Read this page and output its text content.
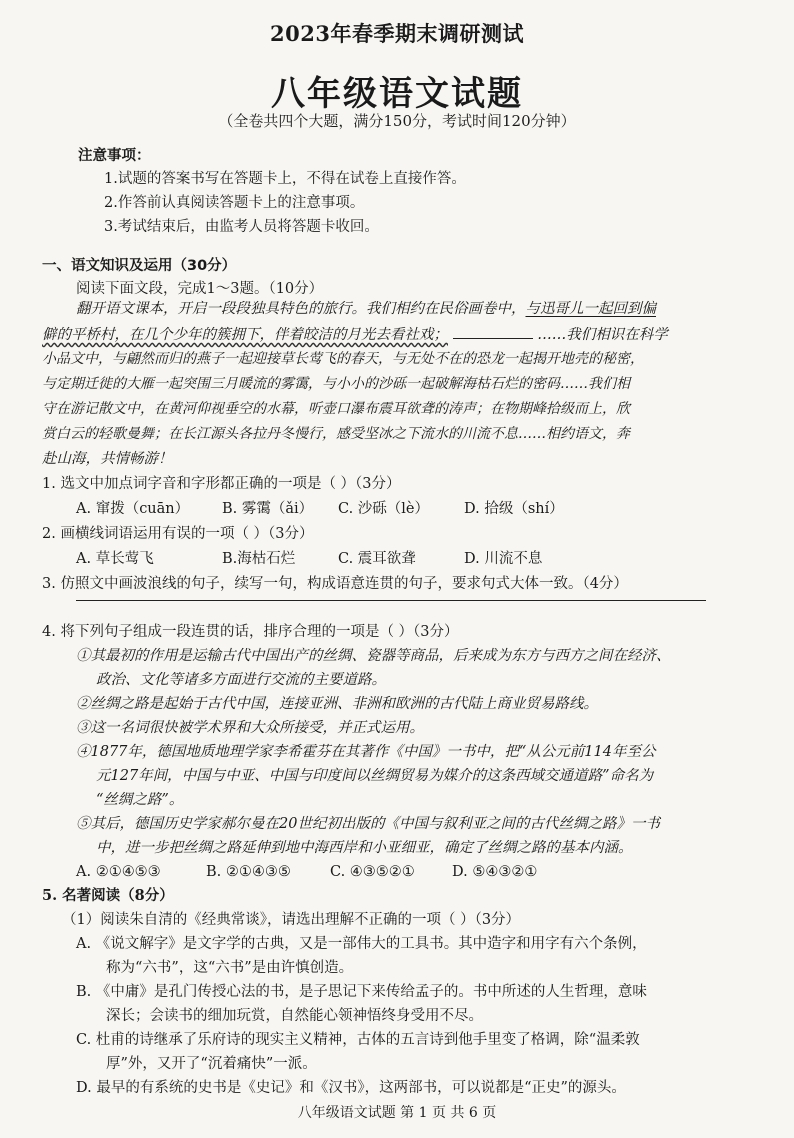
2023年春季期末调研测试
八年级语文试题
（全卷共四个大题，满分150分，考试时间120分钟）
注意事项：
1.试题的答案书写在答题卡上，不得在试卷上直接作答。
2.作答前认真阅读答题卡上的注意事项。
3.考试结束后，由监考人员将答题卡收回。
一、语文知识及运用（30分）
阅读下面文段，完成1～3题。（10分）
翻开语文课本，开启一段段独具特色的旅行。我们相约在民俗画卷中，与迅哥儿一起回到偏
僻的平桥村，在几个少年的簇拥下，伴着皎洁的月光去看社戏；	……我们相识在科学
小品文中，与翩然而归的燕子一起迎接草长莺飞的春天，与无处不在的恐龙一起揭开地壳的秘密，
与定期迁徙的大雁一起突围三月暖流的雾霭，与小小的沙砾一起破解海枯石烂的密码……我们相
守在游记散文中，在黄河仰视垂空的水幕，听壶口瀑布震耳欲聋的涛声；在物期峰拾级而上，欣
赏白云的轻歌曼舞；在长江源头各拉丹冬慢行，感受坚冰之下流水的川流不息……相约语文，奔
赴山海，共情畅游！
1. 选文中加点词字音和字形都正确的一项是（ ）（3分）
A. 窜拨（cuān） B. 雾霭（ǎi） C. 沙砾（lè） D. 拾级（shí）
2. 画横线词语运用有误的一项（ ）（3分）
A. 草长莺飞	B.海枯石烂	C. 震耳欲聋	D. 川流不息
3. 仿照文中画波浪线的句子，续写一句，构成语意连贯的句子，要求句式大体一致。（4分）
4. 将下列句子组成一段连贯的话，排序合理的一项是（ ）（3分）
①其最初的作用是运输古代中国出产的丝绸、瓷器等商品，后来成为东方与西方之间在经济、
政治、文化等诸多方面进行交流的主要道路。
②丝绸之路是起始于古代中国，连接亚洲、非洲和欧洲的古代陆上商业贸易路线。
③这一名词很快被学术界和大众所接受，并正式运用。
④1877年，德国地质地理学家李希霍芬在其著作《中国》一书中，把“从公元前114年至公
元127年间，中国与中亚、中国与印度间以丝绸贸易为媒介的这条西域交通道路”命名为
“丝绸之路”。
⑤其后，德国历史学家郝尔曼在20世纪初出版的《中国与叙利亚之间的古代丝绸之路》一书
中，进一步把丝绸之路延伸到地中海西岸和小亚细亚，确定了丝绸之路的基本内涵。
A. ②①④⑤③	B. ②①④③⑤	C. ④③⑤②①	D. ⑤④③②①
5. 名著阅读（8分）
（1）阅读朱自清的《经典常谈》，请选出理解不正确的一项（ ）（3分）
A. 《说文解字》是文字学的古典，又是一部伟大的工具书。其中造字和用字有六个条例，
称为“六书”，这“六书”是由许慎创造。
B. 《中庸》是孔门传授心法的书，是子思记下来传给孟子的。书中所述的人生哲理，意味
深长；会读书的细加玩赏，自然能心领神悟终身受用不尽。
C. 杜甫的诗继承了乐府诗的现实主义精神，古体的五言诗到他手里变了格调，除“温柔敦
厚”外，又开了“沉着痛快”一派。
D. 最早的有系统的史书是《史记》和《汉书》，这两部书，可以说都是“正史”的源头。
八年级语文试题 第 1 页 共 6 页
